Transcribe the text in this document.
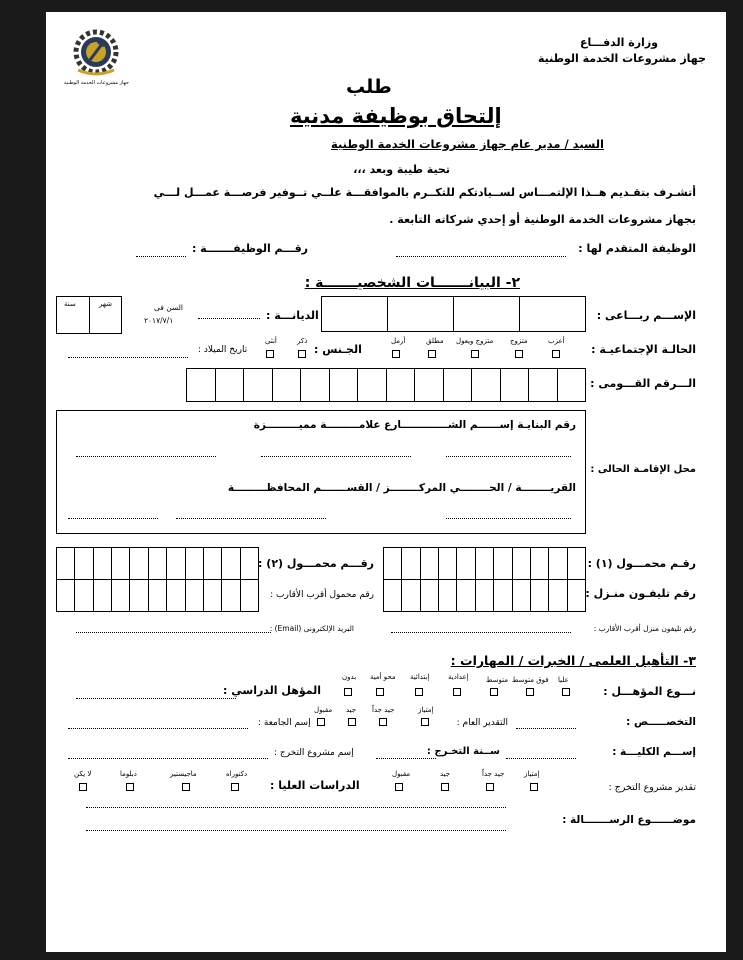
وزارة الدفـــاع
جهاز مشروعات الخدمة الوطنية
جهاز مشروعات الخدمة الوطنية	طلب
إلتحاق بوظيفة مدنية
السيد / مدير عام جهاز مشروعات الخدمة الوطنية
تحية طيبة وبعد ،،،
أتشـرف بتقـديم هــذا الإلتمـــاس لســيادتكم للتكــرم بالموافقـــة علــي تــوفير فرصـــة عمـــل لـــي
بجهاز مشروعات الخدمة الوطنية أو إحدي شركاته التابعة .
الوظيفة المتقدم لها :
رقـــم الوظيفـــــــة :
٢- البيانـــــــات الشخصيـــــــة :
الإســـم ربـــاعى :
الديانـــة :
السن فى
٢٠١٧/٧/١
سنة	شهر
الحالـة الإجتماعيـة :
أعزب
متزوج
متزوج ويعول
مطلق
أرمل
الجـنس :
ذكر
أنثى
تاريخ الميلاد :
الـــرقم القـــومى :
محل الإقامـة الحالى :
رقم البنايـة إســــــم الشـــــــــــــارع علامـــــــــة مميـــــــــزة
القريــــــــة / الحــــــــي المركــــــــز / القســـــــم المحافظـــــــــة
رقـم محمـــول (١) :
رقم تليفـون منـزل :
رقـــم محمـــول (٢) :
رقم محمول أقرب الأقارب :
رقم تليفون منزل أقرب الأقارب :
البريد الإلكترونى (Email) :
٣- التأهيل العلمى / الخبرات / المهارات :
نـــوع المؤهـــل :
عليا
فوق متوسط
متوسط
إعدادية
إبتدائية
محو أمية
بدون
المؤهل الدراسي :
التخصـــــص :
التقدير العام :
إمتياز
جيد جداً
جيد
مقبول
إسم الجامعة :
إســـم الكليـــة :
ســنة التخـرج :
إسم مشروع التخرج :
تقدير مشروع التخرج :
إمتياز
جيد جداً
جيد
مقبول
الدراسات العليا :
دكتوراه
ماجيستير
دبلوما
لا يكن
موضــــــوع الرســـــــالة :
